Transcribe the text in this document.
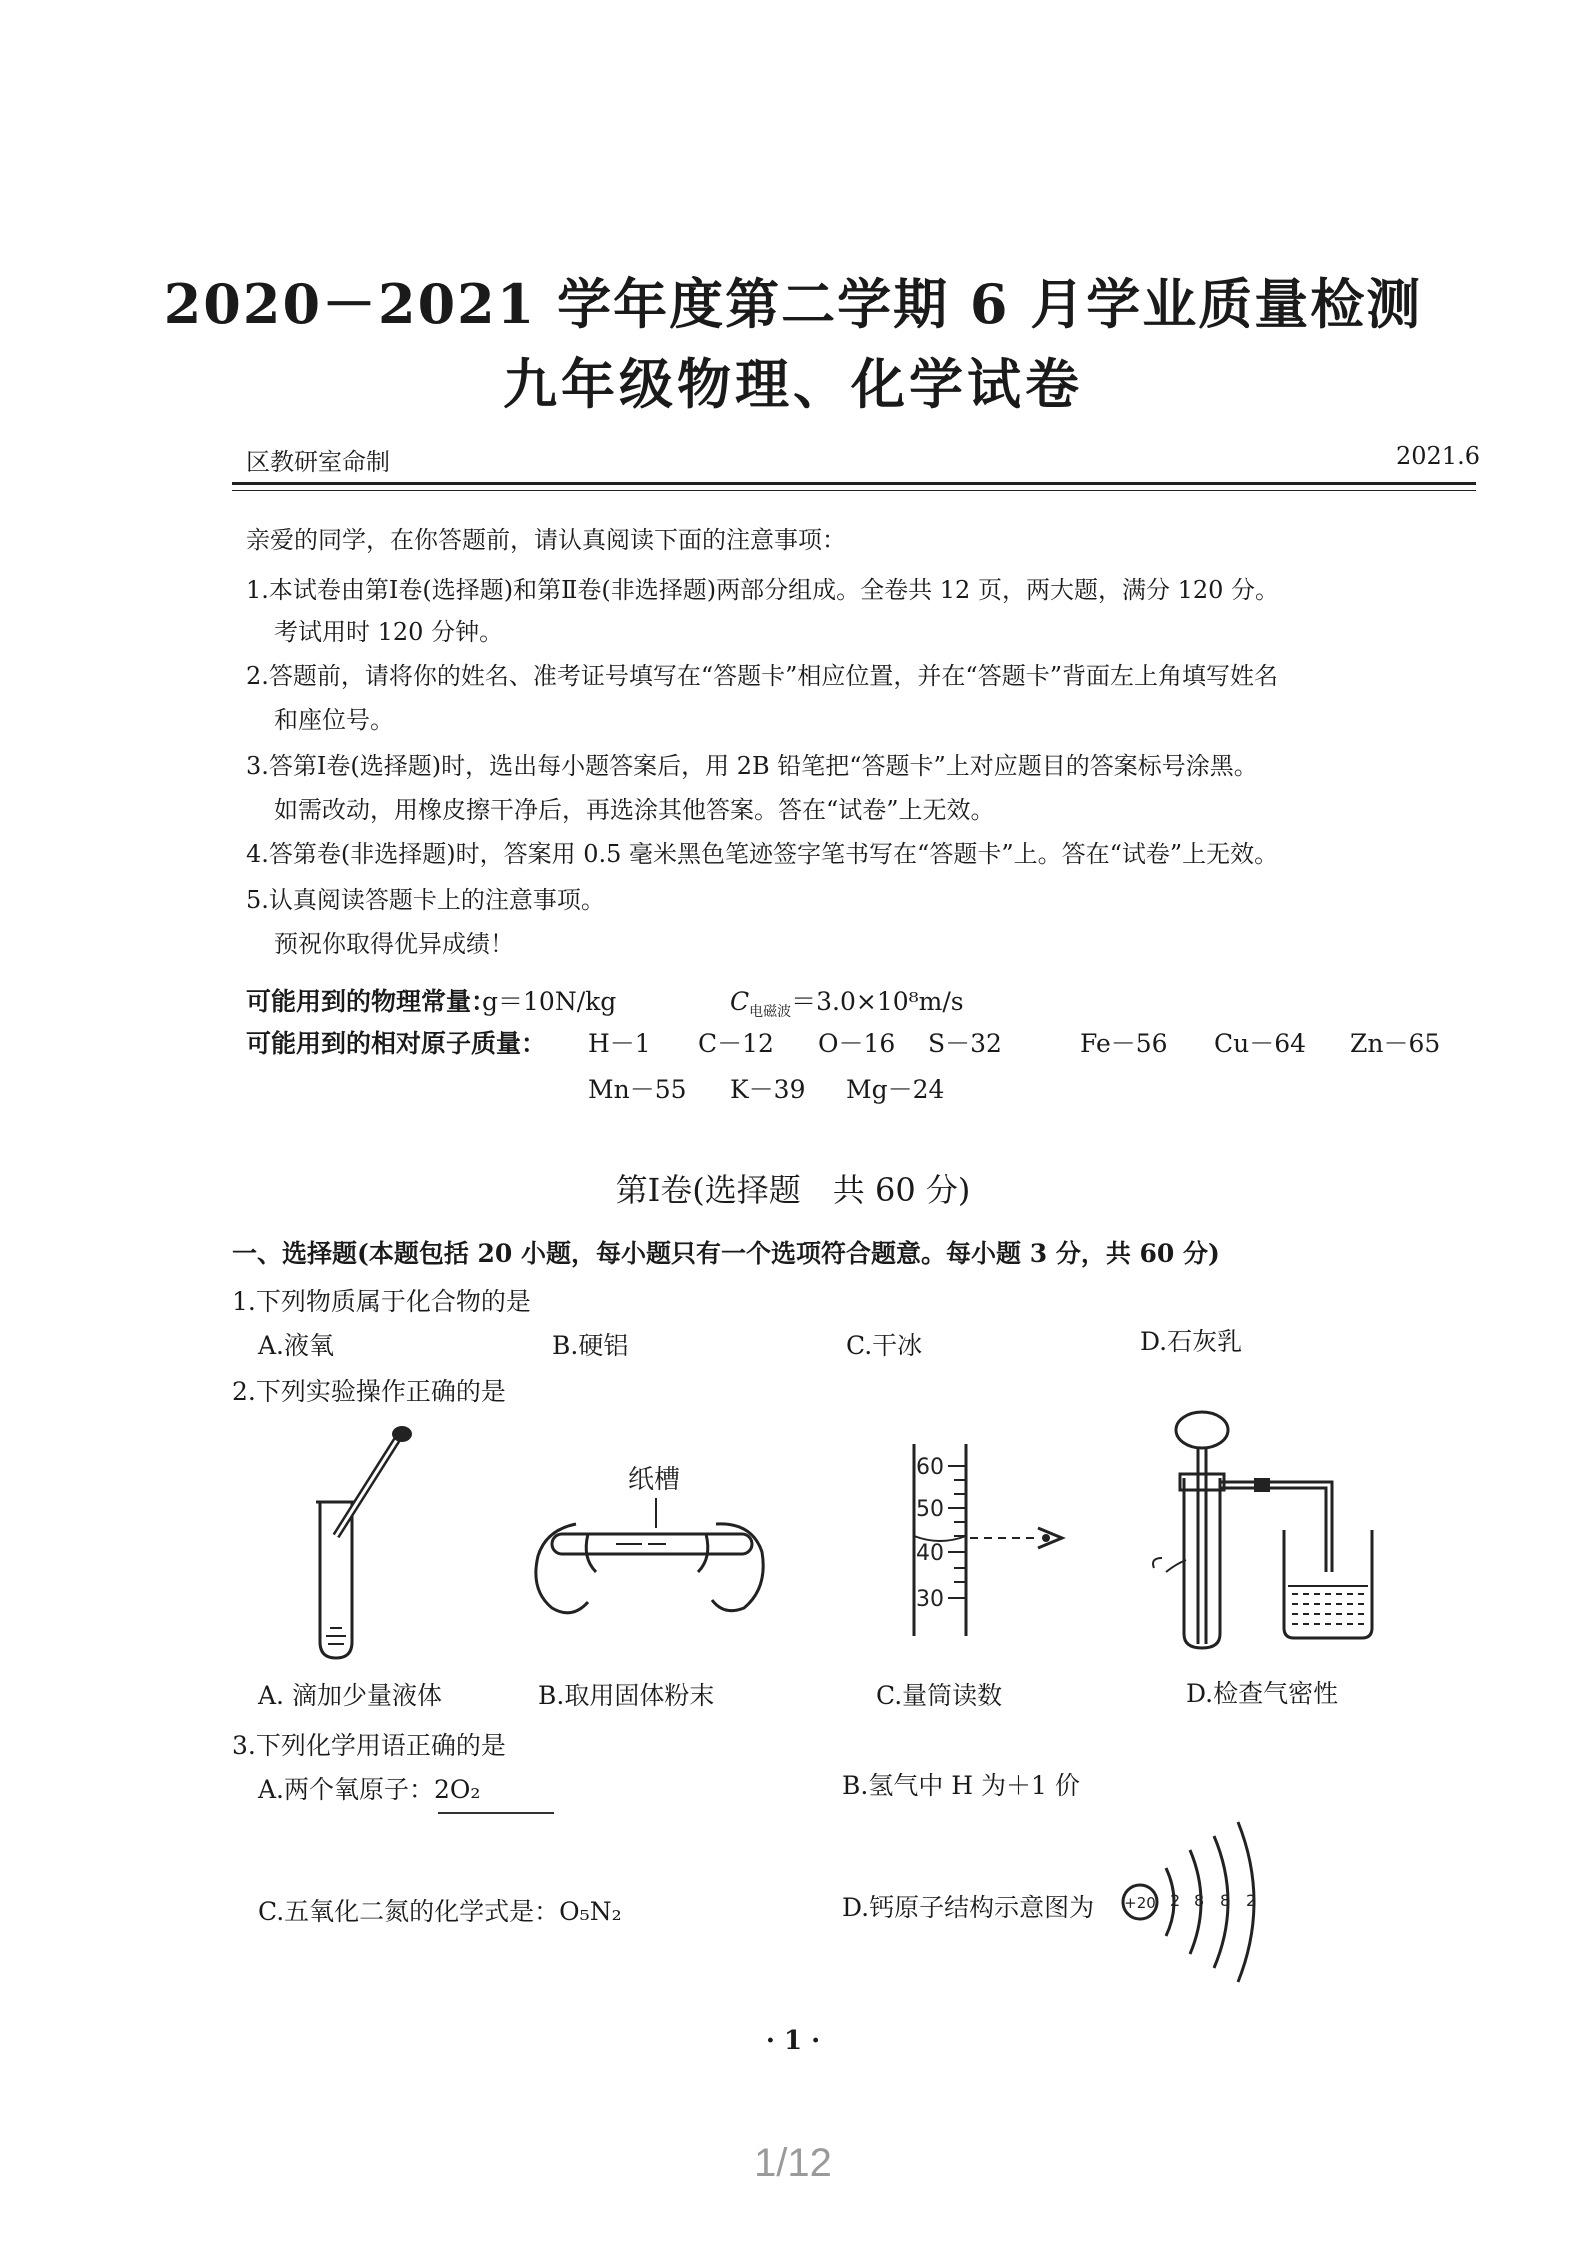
2020－2021 学年度第二学期 6 月学业质量检测
九年级物理、化学试卷
区教研室命制	2021.6
亲爱的同学，在你答题前，请认真阅读下面的注意事项：
1.本试卷由第Ⅰ卷(选择题)和第Ⅱ卷(非选择题)两部分组成。全卷共 12 页，两大题，满分 120 分。
考试用时 120 分钟。
2.答题前，请将你的姓名、准考证号填写在“答题卡”相应位置，并在“答题卡”背面左上角填写姓名
和座位号。
3.答第Ⅰ卷(选择题)时，选出每小题答案后，用 2B 铅笔把“答题卡”上对应题目的答案标号涂黑。
如需改动，用橡皮擦干净后，再选涂其他答案。答在“试卷”上无效。
4.答第卷(非选择题)时，答案用 0.5 毫米黑色笔迹签字笔书写在“答题卡”上。答在“试卷”上无效。
5.认真阅读答题卡上的注意事项。
预祝你取得优异成绩！
可能用到的物理常量：
g＝10N/kg	$C_{电磁波}=3.0\times 10^8m/s$
可能用到的相对原子质量： H－1 C－12 O－16 S－32	Fe－56 Cu－64 Zn－65
Mn－55 K－39 Mg－24
第Ⅰ卷(选择题　共 60 分)
一、选择题(本题包括 20 小题，每小题只有一个选项符合题意。每小题 3 分，共 60 分)
1.下列物质属于化合物的是
A.液氧	B.硬铝	C.干冰	D.石灰乳
2.下列实验操作正确的是
纸槽	60
50
40
30
A. 滴加少量液体	B.取用固体粉末	C.量筒读数	D.检查气密性
3.下列化学用语正确的是
A.两个氧原子：2O₂	B.氢气中 H 为＋1 价
C.五氧化二氮的化学式是：O₅N₂	D.钙原子结构示意图为 +20 2 8 8 2
· 1 ·
1/12
